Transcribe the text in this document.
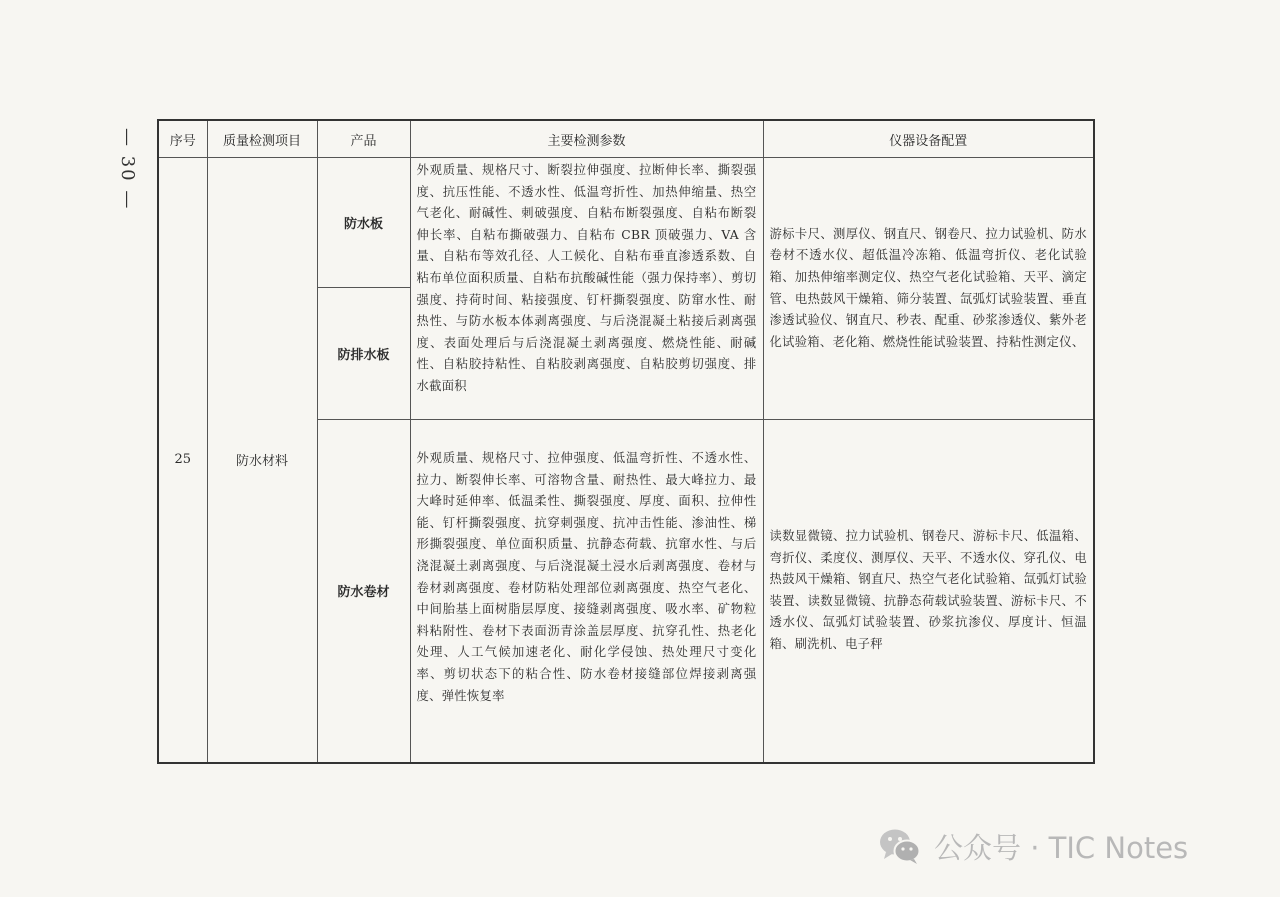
— 30 — 序号	质量检测项目	产品	主要检测参数	仪器设备配置
25	防水材料	防水板	外观质量、规格尺寸、断裂拉伸强度、拉断伸长率、撕裂强度、抗压性能、不透水性、低温弯折性、加热伸缩量、热空气老化、耐碱性、刺破强度、自粘布断裂强度、自粘布断裂伸长率、自粘布撕破强力、自粘布 CBR 顶破强力、VA 含量、自粘布等效孔径、人工候化、自粘布垂直渗透系数、自粘布单位面积质量、自粘布抗酸碱性能（强力保持率）、剪切强度、持荷时间、粘接强度、钉杆撕裂强度、防窜水性、耐热性、与防水板本体剥离强度、与后浇混凝土粘接后剥离强度、表面处理后与后浇混凝土剥离强度、燃烧性能、耐碱性、自粘胶持粘性、自粘胶剥离强度、自粘胶剪切强度、排水截面积	游标卡尺、测厚仪、钢直尺、钢卷尺、拉力试验机、防水卷材不透水仪、超低温冷冻箱、低温弯折仪、老化试验箱、加热伸缩率测定仪、热空气老化试验箱、天平、滴定管、电热鼓风干燥箱、筛分装置、氙弧灯试验装置、垂直渗透试验仪、钢直尺、秒表、配重、砂浆渗透仪、紫外老化试验箱、老化箱、燃烧性能试验装置、持粘性测定仪、
		防排水板		
		防水卷材	外观质量、规格尺寸、拉伸强度、低温弯折性、不透水性、拉力、断裂伸长率、可溶物含量、耐热性、最大峰拉力、最大峰时延伸率、低温柔性、撕裂强度、厚度、面积、拉伸性能、钉杆撕裂强度、抗穿刺强度、抗冲击性能、渗油性、梯形撕裂强度、单位面积质量、抗静态荷载、抗窜水性、与后浇混凝土剥离强度、与后浇混凝土浸水后剥离强度、卷材与卷材剥离强度、卷材防粘处理部位剥离强度、热空气老化、中间胎基上面树脂层厚度、接缝剥离强度、吸水率、矿物粒料粘附性、卷材下表面沥青涂盖层厚度、抗穿孔性、热老化处理、人工气候加速老化、耐化学侵蚀、热处理尺寸变化率、剪切状态下的粘合性、防水卷材接缝部位焊接剥离强度、弹性恢复率	读数显微镜、拉力试验机、钢卷尺、游标卡尺、低温箱、弯折仪、柔度仪、测厚仪、天平、不透水仪、穿孔仪、电热鼓风干燥箱、钢直尺、热空气老化试验箱、氙弧灯试验装置、读数显微镜、抗静态荷载试验装置、游标卡尺、不透水仪、氙弧灯试验装置、砂浆抗渗仪、厚度计、恒温箱、刷洗机、电子秤
公众号 · TIC Notes
